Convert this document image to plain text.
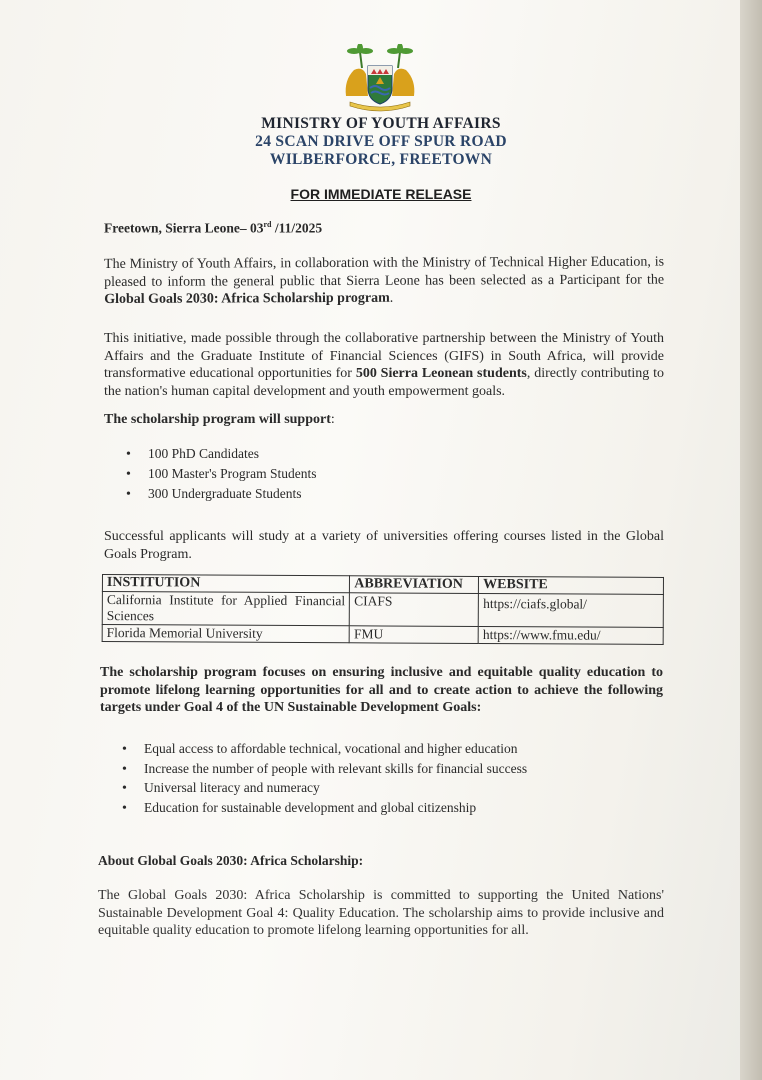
MINISTRY OF YOUTH AFFAIRS
24 SCAN DRIVE OFF SPUR ROAD
WILBERFORCE, FREETOWN
FOR IMMEDIATE RELEASE
Freetown, Sierra Leone– 03rd /11/2025
The Ministry of Youth Affairs, in collaboration with the Ministry of Technical Higher Education, is pleased to inform the general public that Sierra Leone has been selected as a Participant for the Global Goals 2030: Africa Scholarship program.
This initiative, made possible through the collaborative partnership between the Ministry of Youth Affairs and the Graduate Institute of Financial Sciences (GIFS) in South Africa, will provide transformative educational opportunities for 500 Sierra Leonean students, directly contributing to the nation's human capital development and youth empowerment goals.
The scholarship program will support:
• 100 PhD Candidates
• 100 Master's Program Students
• 300 Undergraduate Students
Successful applicants will study at a variety of universities offering courses listed in the Global Goals Program.
INSTITUTION	ABBREVIATION	WEBSITE
California Institute for Applied Financial Sciences	CIAFS	https://ciafs.global/
Florida Memorial University	FMU	https://www.fmu.edu/
The scholarship program focuses on ensuring inclusive and equitable quality education to promote lifelong learning opportunities for all and to create action to achieve the following targets under Goal 4 of the UN Sustainable Development Goals:
• Equal access to affordable technical, vocational and higher education
• Increase the number of people with relevant skills for financial success
• Universal literacy and numeracy
• Education for sustainable development and global citizenship
About Global Goals 2030: Africa Scholarship:
The Global Goals 2030: Africa Scholarship is committed to supporting the United Nations' Sustainable Development Goal 4: Quality Education. The scholarship aims to provide inclusive and equitable quality education to promote lifelong learning opportunities for all.
